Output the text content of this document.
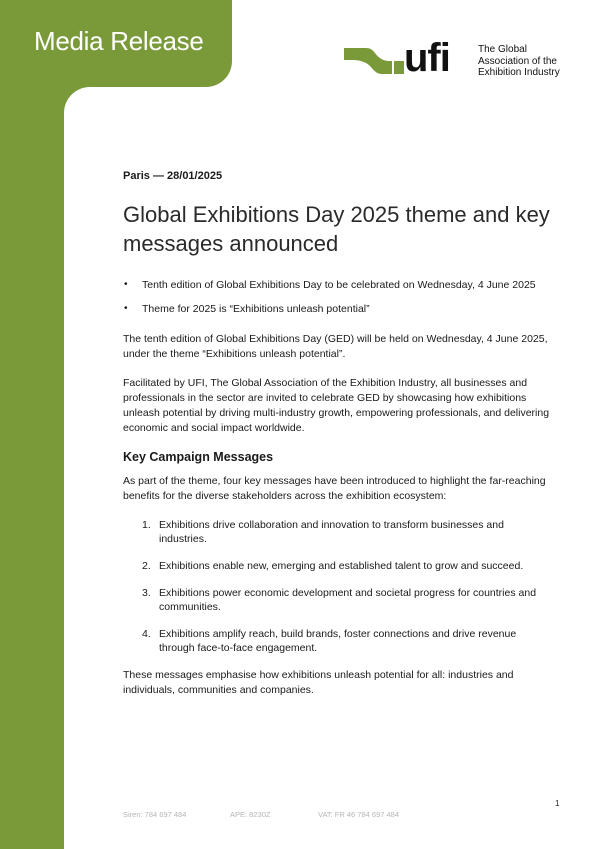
Media Release	ufi	The Global
Association of the
Exhibition Industry
Paris — 28/01/2025
Global Exhibitions Day 2025 theme and key messages announced
• Tenth edition of Global Exhibitions Day to be celebrated on Wednesday, 4 June 2025
• Theme for 2025 is “Exhibitions unleash potential”

The tenth edition of Global Exhibitions Day (GED) will be held on Wednesday, 4 June 2025, under the theme “Exhibitions unleash potential”.

Facilitated by UFI, The Global Association of the Exhibition Industry, all businesses and professionals in the sector are invited to celebrate GED by showcasing how exhibitions unleash potential by driving multi-industry growth, empowering professionals, and delivering economic and social impact worldwide.

Key Campaign Messages

As part of the theme, four key messages have been introduced to highlight the far-reaching benefits for the diverse stakeholders across the exhibition ecosystem:

1. Exhibitions drive collaboration and innovation to transform businesses and industries.
2. Exhibitions enable new, emerging and established talent to grow and succeed.
3. Exhibitions power economic development and societal progress for countries and communities.
4. Exhibitions amplify reach, build brands, foster connections and drive revenue through face-to-face engagement.

These messages emphasise how exhibitions unleash potential for all: industries and individuals, communities and companies.

1
Siren: 784 697 484	APE: 8230Z	VAT: FR 46 784 697 484
